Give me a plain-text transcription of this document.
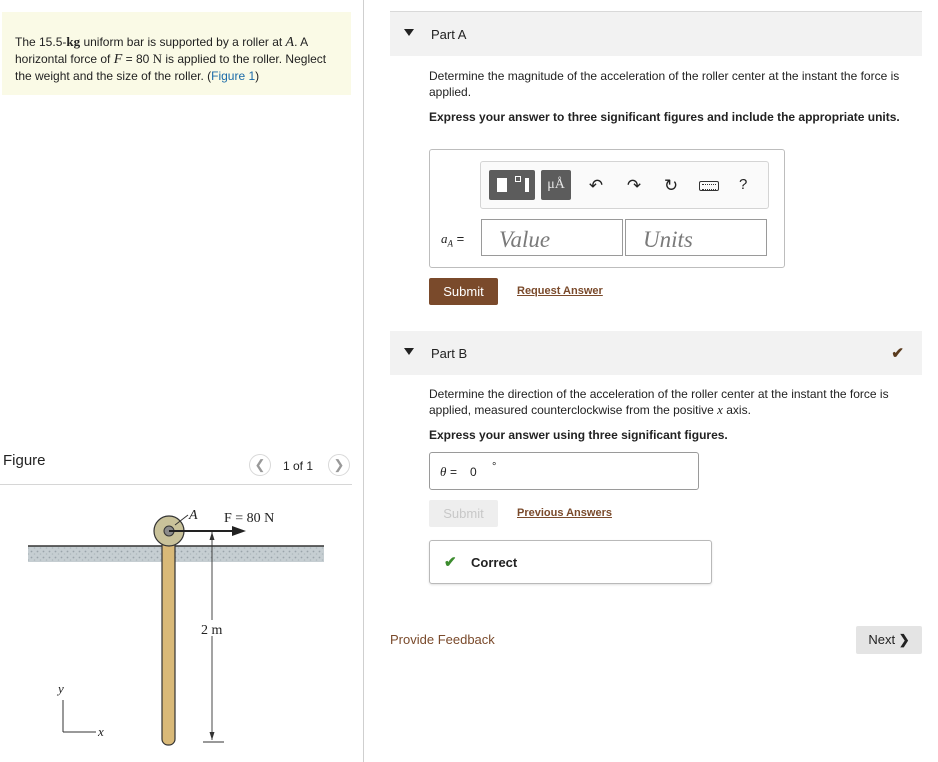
The 15.5-kg uniform bar is supported by a roller at A. A horizontal force of F = 80 N is applied to the roller. Neglect the weight and the size of the roller. (Figure 1)
Figure	❮	1 of 1	❯
A F = 80 N
2 m
y
x
Part A
Determine the magnitude of the acceleration of the roller center at the instant the force is applied.
Express your answer to three significant figures and include the appropriate units.
μÅ	↶ ↷ ↻	?
$a_A$ =
Value
Units
Submit	Request Answer
Part B	✔
Determine the direction of the acceleration of the roller center at the instant the force is applied, measured counterclockwise from the positive x axis.
Express your answer using three significant figures.
θ = 0 °
Submit	Previous Answers
✔ Correct
Provide Feedback	Next ❯
